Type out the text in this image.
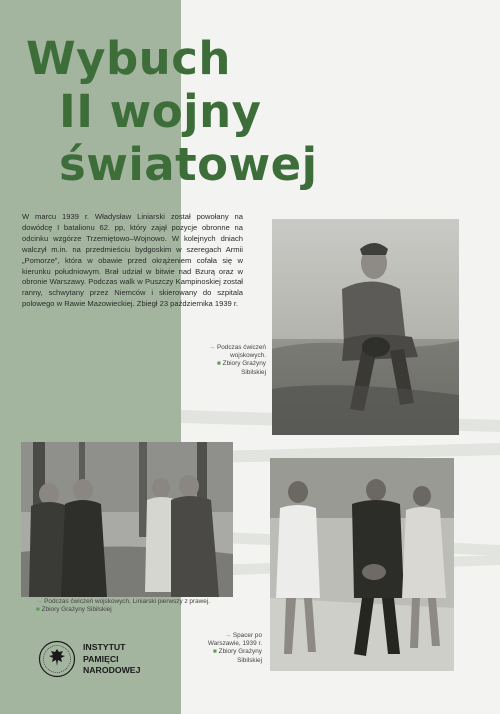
Wybuch
II wojny
światowej

W marcu 1939 r. Władysław Liniarski został powołany na dowódcę I batalionu 62. pp, który zajął pozycje obronne na odcinku wzgórze Trzemiętowo–Wojnowo. W kolejnych dniach walczył m.in. na przedmieściu bydgoskim w szeregach Armii „Pomorze”, która w obawie przed okrążeniem cofała się w kierunku południowym. Brał udział w bitwie nad Bzurą oraz w obronie Warszawy. Podczas walk w Puszczy Kampinoskiej został ranny, schwytany przez Niemców i skierowany do szpitala polowego w Rawie Mazowieckiej. Zbiegł 23 października 1939 r.

→ Podczas ćwiczeń wojskowych.
■ Zbiory Grażyny Sibilskiej
→ Podczas ćwiczeń wojskowych, Liniarski pierwszy z prawej.
■ Zbiory Grażyny Sibilskiej
→ Spacer po Warszawie, 1939 r.
■ Zbiory Grażyny Sibilskiej
INSTYTUT
PAMIĘCI
NARODOWEJ
